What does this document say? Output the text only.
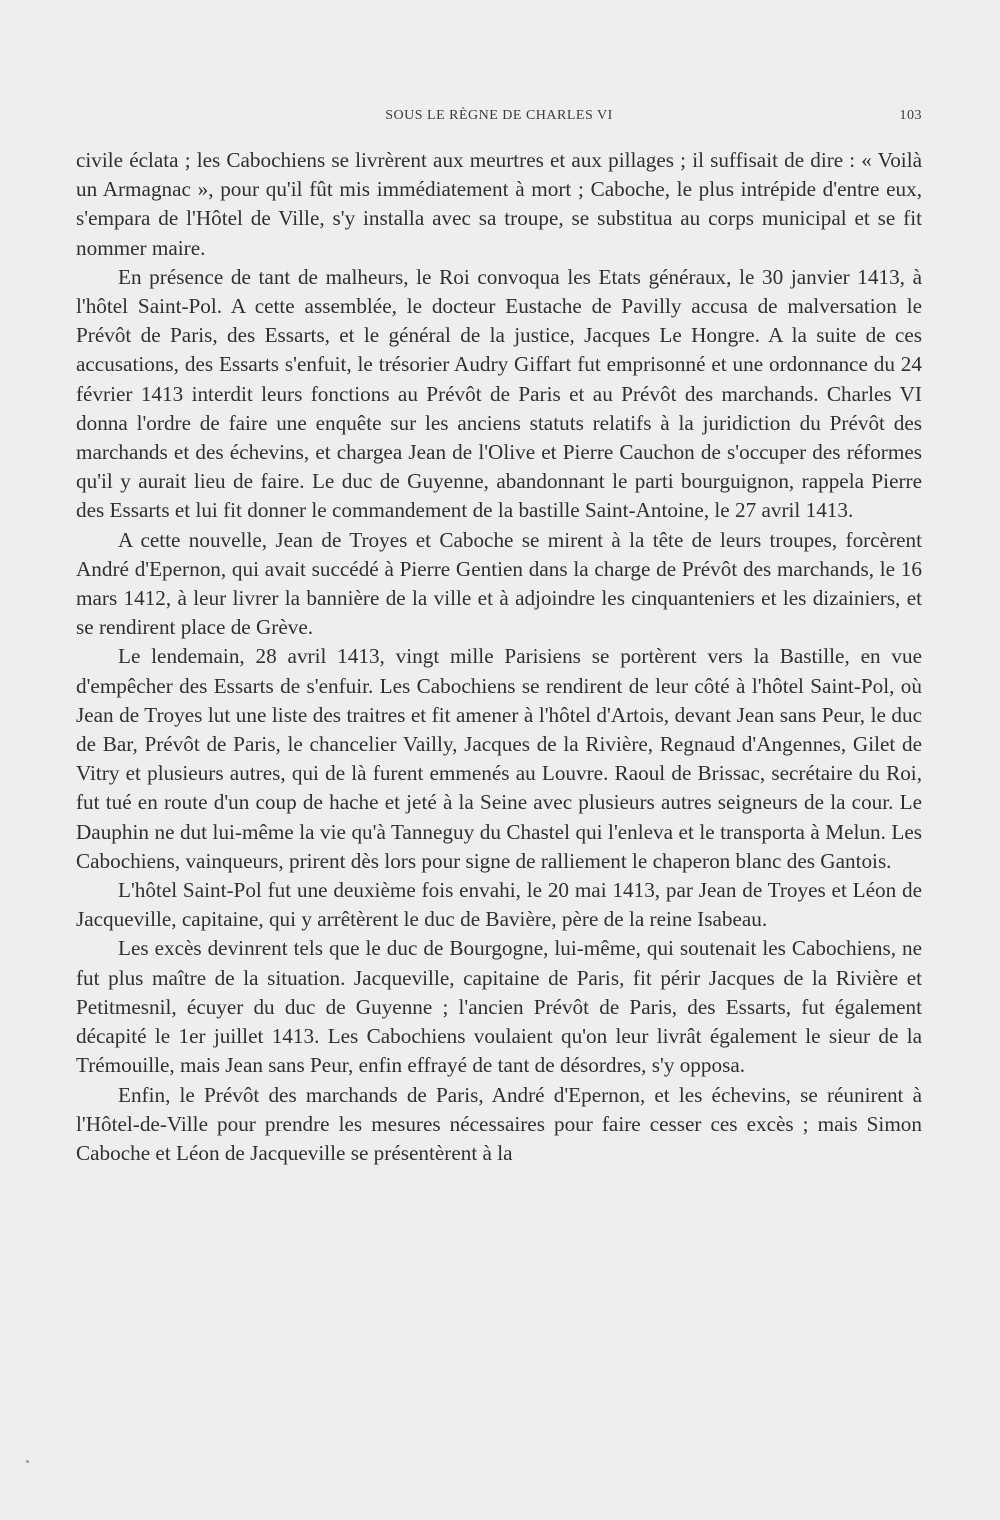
SOUS LE RÈGNE DE CHARLES VI	103

civile éclata ; les Cabochiens se livrèrent aux meurtres et aux pillages ; il suffisait de dire : « Voilà un Armagnac », pour qu'il fût mis immédiatement à mort ; Caboche, le plus intrépide d'entre eux, s'empara de l'Hôtel de Ville, s'y installa avec sa troupe, se substitua au corps municipal et se fit nommer maire.

En présence de tant de malheurs, le Roi convoqua les Etats généraux, le 30 janvier 1413, à l'hôtel Saint-Pol. A cette assemblée, le docteur Eustache de Pavilly accusa de malversation le Prévôt de Paris, des Essarts, et le général de la justice, Jacques Le Hongre. A la suite de ces accusations, des Essarts s'enfuit, le trésorier Audry Giffart fut emprisonné et une ordonnance du 24 février 1413 interdit leurs fonctions au Prévôt de Paris et au Prévôt des marchands. Charles VI donna l'ordre de faire une enquête sur les anciens statuts relatifs à la juridiction du Prévôt des marchands et des échevins, et chargea Jean de l'Olive et Pierre Cauchon de s'occuper des réformes qu'il y aurait lieu de faire. Le duc de Guyenne, abandonnant le parti bourguignon, rappela Pierre des Essarts et lui fit donner le commandement de la bastille Saint-Antoine, le 27 avril 1413.

A cette nouvelle, Jean de Troyes et Caboche se mirent à la tête de leurs troupes, forcèrent André d'Epernon, qui avait succédé à Pierre Gentien dans la charge de Prévôt des marchands, le 16 mars 1412, à leur livrer la bannière de la ville et à adjoindre les cinquanteniers et les dizainiers, et se rendirent place de Grève.

Le lendemain, 28 avril 1413, vingt mille Parisiens se portèrent vers la Bastille, en vue d'empêcher des Essarts de s'enfuir. Les Cabochiens se rendirent de leur côté à l'hôtel Saint-Pol, où Jean de Troyes lut une liste des traitres et fit amener à l'hôtel d'Artois, devant Jean sans Peur, le duc de Bar, Prévôt de Paris, le chancelier Vailly, Jacques de la Rivière, Regnaud d'Angennes, Gilet de Vitry et plusieurs autres, qui de là furent emmenés au Louvre. Raoul de Brissac, secrétaire du Roi, fut tué en route d'un coup de hache et jeté à la Seine avec plusieurs autres seigneurs de la cour. Le Dauphin ne dut lui-même la vie qu'à Tanneguy du Chastel qui l'enleva et le transporta à Melun. Les Cabochiens, vainqueurs, prirent dès lors pour signe de ralliement le chaperon blanc des Gantois.

L'hôtel Saint-Pol fut une deuxième fois envahi, le 20 mai 1413, par Jean de Troyes et Léon de Jacqueville, capitaine, qui y arrêtèrent le duc de Bavière, père de la reine Isabeau.

Les excès devinrent tels que le duc de Bourgogne, lui-même, qui soutenait les Cabochiens, ne fut plus maître de la situation. Jacqueville, capitaine de Paris, fit périr Jacques de la Rivière et Petitmesnil, écuyer du duc de Guyenne ; l'ancien Prévôt de Paris, des Essarts, fut également décapité le 1er juillet 1413. Les Cabochiens voulaient qu'on leur livrât également le sieur de la Trémouille, mais Jean sans Peur, enfin effrayé de tant de désordres, s'y opposa.

Enfin, le Prévôt des marchands de Paris, André d'Epernon, et les échevins, se réunirent à l'Hôtel-de-Ville pour prendre les mesures nécessaires pour faire cesser ces excès ; mais Simon Caboche et Léon de Jacqueville se présentèrent à la
